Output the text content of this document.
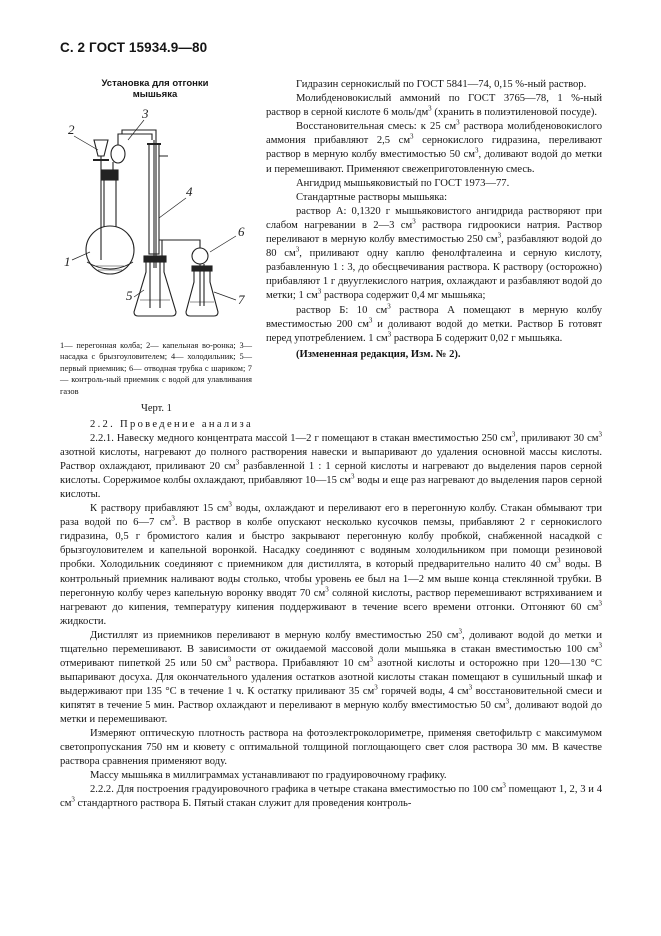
С. 2 ГОСТ 15934.9—80
Установка для отгонки
мышьяка
2
3
4
1
5
6
7
1— перегонная колба; 2— капельная во-ронка; 3— насадка с брызгоуловителем; 4— холодильник; 5— первый приемник; 6— отводная трубка с шариком; 7— контроль-ный приемник с водой для улавливания газов
Черт. 1

Гидразин сернокислый по ГОСТ 5841—74, 0,15 %-ный раствор.

Молибденовокислый аммоний по ГОСТ 3765—78, 1 %-ный раствор в серной кислоте 6 моль/$дм^3$ (хранить в полиэтиленовой посуде).

Восстановительная смесь: к 25 $см^3$ раствора молибденовокислого аммония прибавляют 2,5 $см^3$ сернокислого гидразина, переливают раствор в мерную колбу вместимостью 50 $см^3$, доливают водой до метки и перемешивают. Применяют свежеприготовленную смесь.

Ангидрид мышьяковистый по ГОСТ 1973—77.

Стандартные растворы мышьяка:

раствор А: 0,1320 г мышьяковистого ангидрида растворяют при слабом нагревании в 2—3 $см^3$ раствора гидроокиси натрия. Раствор переливают в мерную колбу вместимостью 250 $см^3$, разбавляют водой до 80 $см^3$, приливают одну каплю фенолфталеина и серную кислоту, разбавленную 1 : 3, до обесцвечивания раствора. К раствору (осторожно) прибавляют 1 г двууглекислого натрия, охлаждают и разбавляют водой до метки; 1 $см^3$ раствора содержит 0,4 мг мышьяка;

раствор Б: 10 $см^3$ раствора А помещают в мерную колбу вместимостью 200 $см^3$ и доливают водой до метки. Раствор Б готовят перед употреблением. 1 $см^3$ раствора Б содержит 0,02 г мышьяка.

(Измененная редакция, Изм. № 2).

2.2. Проведение анализа

2.2.1. Навеску медного концентрата массой 1—2 г помещают в стакан вместимостью 250 $см^3$, приливают 30 $см^3$ азотной кислоты, нагревают до полного растворения навески и выпаривают до удаления основной массы кислоты. Раствор охлаждают, приливают 20 $см^3$ разбавленной 1 : 1 серной кислоты и нагревают до выделения паров серной кислоты. Сорержимое колбы охлаждают, прибавляют 10—15 $см^3$ воды и еще раз нагревают до выделения паров серной кислоты.

К раствору прибавляют 15 $см^3$ воды, охлаждают и переливают его в перегонную колбу. Стакан обмывают три раза водой по 6—7 $см^3$. В раствор в колбе опускают несколько кусочков пемзы, прибавляют 2 г сернокислого гидразина, 0,5 г бромистого калия и быстро закрывают перегонную колбу пробкой, снабженной насадкой с брызгоуловителем и капельной воронкой. Насадку соединяют с водяным холодильником при помощи резиновой пробки. Холодильник соединяют с приемником для дистиллята, в который предварительно налито 40 $см^3$ воды. В контрольный приемник наливают воды столько, чтобы уровень ее был на 1—2 мм выше конца стеклянной трубки. В перегонную колбу через капельную воронку вводят 70 $см^3$ соляной кислоты, раствор перемешивают встряхиванием и нагревают до кипения, температуру кипения поддерживают в течение всего времени отгонки. Отгоняют 60 $см^3$ жидкости.

Дистиллят из приемников переливают в мерную колбу вместимостью 250 $см^3$, доливают водой до метки и тщательно перемешивают. В зависимости от ожидаемой массовой доли мышьяка в стакан вместимостью 100 $см^3$ отмеривают пипеткой 25 или 50 $см^3$ раствора. Прибавляют 10 $см^3$ азотной кислоты и осторожно при 120—130 °С выпаривают досуха. Для окончательного удаления остатков азотной кислоты стакан помещают в сушильный шкаф и выдерживают при 135 °С в течение 1 ч. К остатку приливают 35 $см^3$ горячей воды, 4 $см^3$ восстановительной смеси и кипятят в течение 5 мин. Раствор охлаждают и переливают в мерную колбу вместимостью 50 $см^3$, доливают водой до метки и перемешивают.

Измеряют оптическую плотность раствора на фотоэлектроколориметре, применяя светофильтр с максимумом светопропускания 750 нм и кювету с оптимальной толщиной поглощающего свет слоя раствора 30 мм. В качестве раствора сравнения применяют воду.

Массу мышьяка в миллиграммах устанавливают по градуировочному графику.

2.2.2. Для построения градуировочного графика в четыре стакана вместимостью по 100 $см^3$ помещают 1, 2, 3 и 4 $см^3$ стандартного раствора Б. Пятый стакан служит для проведения контроль-
